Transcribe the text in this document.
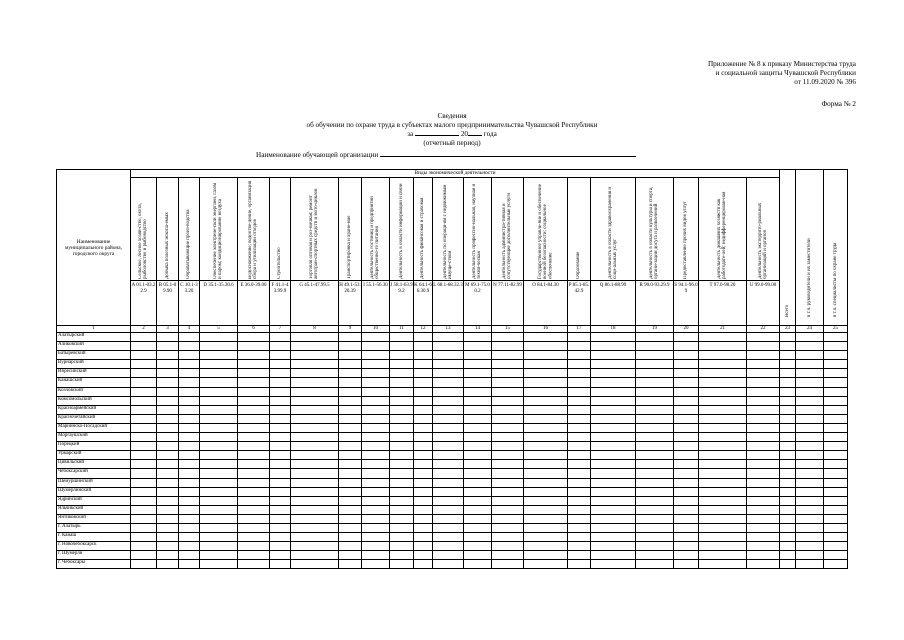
Приложение № 8 к приказу Министерства труда
и социальной защиты Чувашской Республики
от 11.09.2020 № 396
Форма № 2
Сведения
об обучении по охране труда в субъектах малого предпринимательства Чувашской Республики
за	20 года
(отчетный период)
Наименование обучающей организации
Наименование муниципального района, городского округа	Виды экономической деятельности																					Всего	в т.ч. руководители и их заместители	в т.ч. специалисты по охране труда

	Сельское, лесное хозяй-ство, охота, рыболовство и рыбоводство	Добыча полезных ископа-емых	Обрабатывающие произ-водства	Обеспечение электриче-ской энергией, газом и паром; кондиционирование воздуха	Водоснабжение; водоотве-дение, организация сбора и утилизации отходов	Строительство	Торговля оптовая и роз-ничная; ремонт автотран-спортных средств и мото-циклов	Транспортировка и хране-ние	Деятельность гостиниц и предприятий общественно-го питания	Деятельность в области информации и связи	Деятельность финансовая и страховая	Деятельность по операци-ям с недвижимым имуще-ством	Деятельность профессио-нальная, научная и техни-ческая	Деятельность администра-тивная и сопутствующие дополнительные услуги	Государственное управле-ние и обеспечение военной безопасности; социальное обеспечение	Образование	Деятельность в области здравоохранения и соци-альных услуг	Деятельность в области культуры и спорта, органи-зации досуга и развлечений	Предоставление прочих видов услуг	Деятельность домашних хозяйств как работодате-лей; недифференцирован-ная	Деятельность экстеррито-риальных организаций и органов			

	A 01.1-03.22.9	B 05.1-09.90	C 10.1-33.20	D 35.1-35.30.6	E 36.0-39.00	F 41.1-43.99.9	G 45.1-47.99.5	H 49.1-53.20.39	I 55.1-56.30	J 58.1-63.99.2	K 64.1-66.30.9	L 68.1-68.32.3	M 69.1-75.00.2	N 77.11-82.99	O 84.1-84.30	P 85.1-85.42.9	Q 86.1-88.99	R 90.0-93.29.9	S 94.1-96.09	T 97.0-98.20	U 99.0-99.00			
1	2	3	4	5	6	7	8	9	10	11	12	13	14	15	16	17	18	19	20	21	22	23	24	25
Алатырский																								
Аликовский																								
Батыревский																								
Вурнарский																								
Ибресинский																								
Канашский																								
Козловский																								
Комсомольский																								
Красноармейский																								
Красночетайский																								
Мариинско-Посадский																								
Моргаушский																								
Порецкий																								
Урмарский																								
Цивильский																								
Чебоксарский																								
Шемуршинский																								
Шумерлинский																								
Ядринский																								
Яльчикский																								
Янтиковский																								
г. Алатырь																								
г. Канаш																								
г. Новочебоксарск																								
г. Шумерля																								
г. Чебоксары																								
